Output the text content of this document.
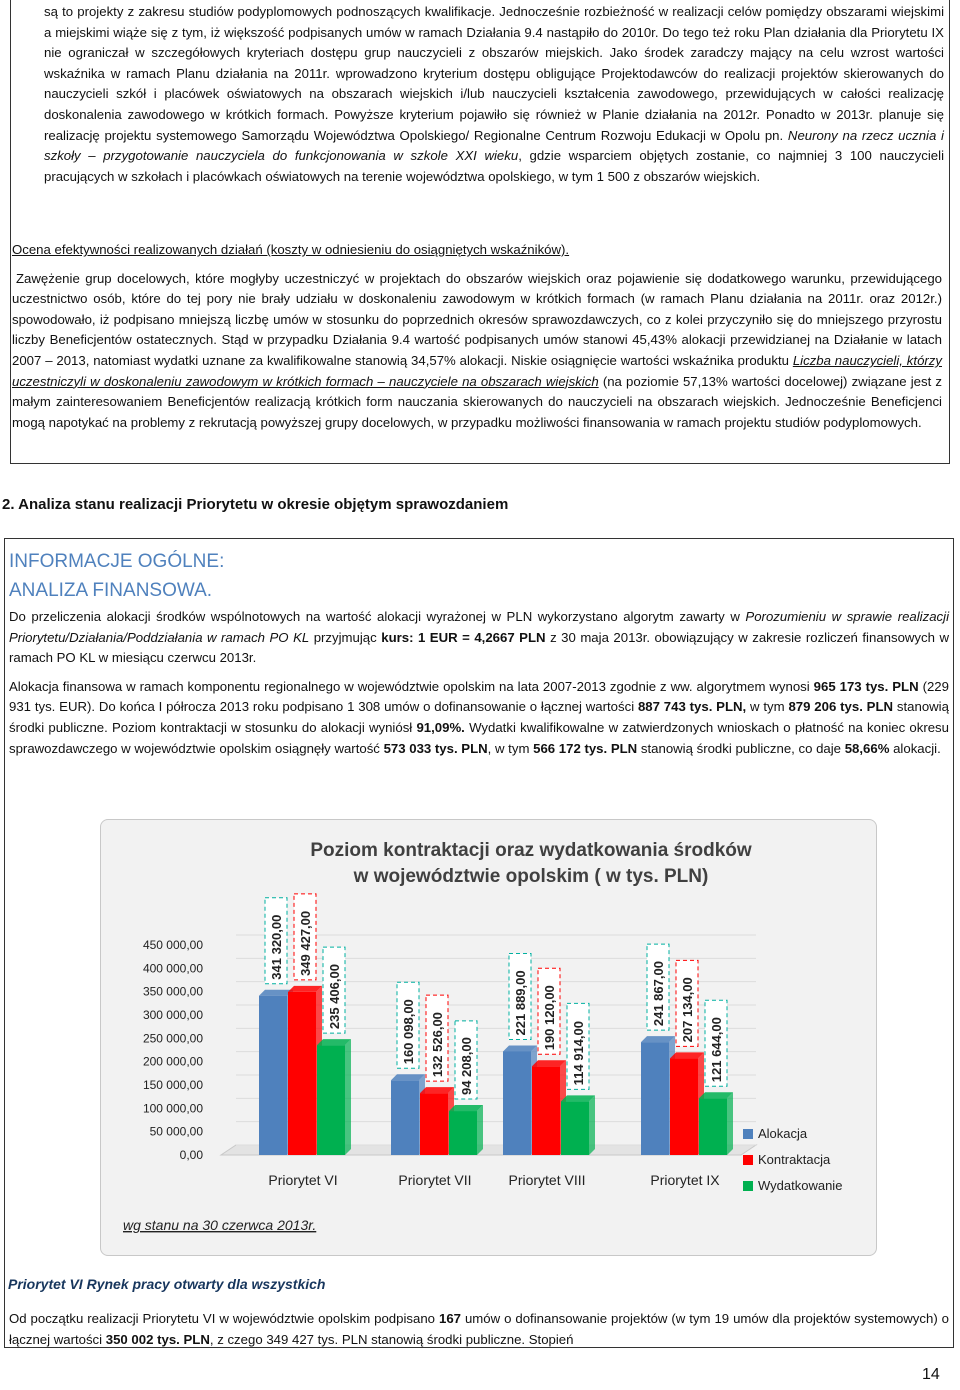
są to projekty z zakresu studiów podyplomowych podnoszących kwalifikacje. Jednocześnie rozbieżność w realizacji celów pomiędzy obszarami wiejskimi a miejskimi wiąże się z tym, iż większość podpisanych umów w ramach Działania 9.4 nastąpiło do 2010r. Do tego też roku Plan działania dla Priorytetu IX nie ograniczał w szczegółowych kryteriach dostępu grup nauczycieli z obszarów miejskich. Jako środek zaradczy mający na celu wzrost wartości wskaźnika w ramach Planu działania na 2011r. wprowadzono kryterium dostępu obligujące Projektodawców do realizacji projektów skierowanych do nauczycieli szkół i placówek oświatowych na obszarach wiejskich i/lub nauczycieli kształcenia zawodowego, przewidujących w całości realizację doskonalenia zawodowego w krótkich formach. Powyższe kryterium pojawiło się również w Planie działania na 2012r. Ponadto w 2013r. planuje się realizację projektu systemowego Samorządu Województwa Opolskiego/ Regionalne Centrum Rozwoju Edukacji w Opolu pn. Neurony na rzecz uczniа i szkoły – przygotowanie nauczyciela do funkcjonowania w szkole XXI wieku, gdzie wsparciem objętych zostanie, co najmniej 3 100 nauczycieli pracujących w szkołach i placówkach oświatowych na terenie województwa opolskiego, w tym 1 500 z obszarów wiejskich.

Ocena efektywności realizowanych działań (koszty w odniesieniu do osiągniętych wskaźników).

Zawężenie grup docelowych, które mogłyby uczestniczyć w projektach do obszarów wiejskich oraz pojawienie się dodatkowego warunku, przewidującego uczestnictwo osób, które do tej pory nie brały udziału w doskonaleniu zawodowym w krótkich formach (w ramach Planu działania na 2011r. oraz 2012r.) spowodowało, iż podpisano mniejszą liczbę umów w stosunku do poprzednich okresów sprawozdawczych, co z kolei przyczyniło się do mniejszego przyrostu liczby Beneficjentów ostatecznych. Stąd w przypadku Działania 9.4 wartość podpisanych umów stanowi 45,43% alokacji przewidzianej na Działanie w latach 2007 – 2013, natomiast wydatki uznane za kwalifikowalne stanowią 34,57% alokacji. Niskie osiągnięcie wartości wskaźnika produktu Liczba nauczycieli, którzy uczestniczyli w doskonaleniu zawodowym w krótkich formach – nauczyciele na obszarach wiejskich (na poziomie 57,13% wartości docelowej) związane jest z małym zainteresowaniem Beneficjentów realizacją krótkich form nauczania skierowanych do nauczycieli na obszarach wiejskich. Jednocześnie Beneficjenci mogą napotykać na problemy z rekrutacją powyższej grupy docelowych, w przypadku możliwości finansowania w ramach projektu studiów podyplomowych.

2. Analiza stanu realizacji Priorytetu w okresie objętym sprawozdaniem

INFORMACJE OGÓLNE:

ANALIZA FINANSOWA.

Do przeliczenia alokacji środków wspólnotowych na wartość alokacji wyrażonej w PLN wykorzystano algorytm zawarty w Porozumieniu w sprawie realizacji Priorytetu/Działania/Poddziałania w ramach PO KL przyjmując kurs: 1 EUR = 4,2667 PLN z 30 maja 2013r. obowiązujący w zakresie rozliczeń finansowych w ramach PO KL w miesiącu czerwcu 2013r.

Alokacja finansowa w ramach komponentu regionalnego w województwie opolskim na lata 2007-2013 zgodnie z ww. algorytmem wynosi 965 173 tys. PLN (229 931 tys. EUR). Do końca I półrocza 2013 roku podpisano 1 308 umów o dofinansowanie o łącznej wartości 887 743 tys. PLN, w tym 879 206 tys. PLN stanowią środki publiczne. Poziom kontraktacji w stosunku do alokacji wyniósł 91,09%. Wydatki kwalifikowalne w zatwierdzonych wnioskach o płatność na koniec okresu sprawozdawczego w województwie opolskim osiągnęły wartość 573 033 tys. PLN, w tym 566 172 tys. PLN stanowią środki publiczne, co daje 58,66% alokacji.

Poziom kontraktacji oraz wydatkowania środków
w województwie opolskim ( w tys. PLN)
0,00
50 000,00
100 000,00
150 000,00
200 000,00
250 000,00
300 000,00
350 000,00
400 000,00
450 000,00	341 320,00 349 427,00
235 406,00
Priorytet VI
160 098,00 132 526,00 94 208,00
Priorytet VII
221 889,00 190 120,00
114 914,00
Priorytet VIII
241 867,00 207 134,00
121 644,00
Priorytet IX
Alokacja
Kontraktacja
Wydatkowanie
wg stanu na 30 czerwca 2013r.

Priorytet VI Rynek pracy otwarty dla wszystkich

Od początku realizacji Priorytetu VI w województwie opolskim podpisano 167 umów o dofinansowanie projektów (w tym 19 umów dla projektów systemowych) o łącznej wartości 350 002 tys. PLN, z czego 349 427 tys. PLN stanowią środki publiczne. Stopień

14
